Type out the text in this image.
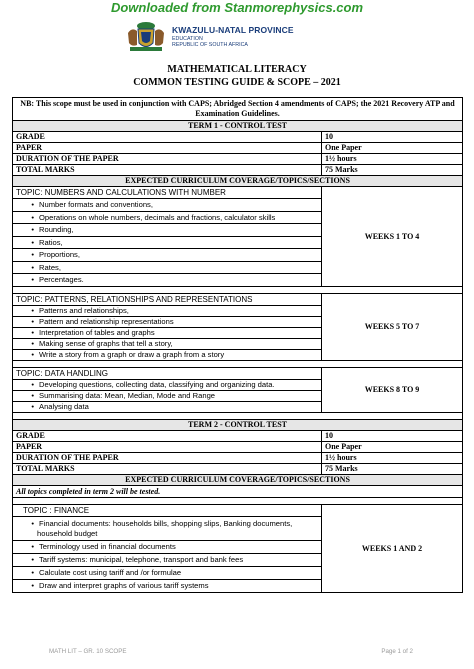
Downloaded from Stanmorephysics.com
KWAZULU-NATAL PROVINCE
EDUCATION
REPUBLIC OF SOUTH AFRICA
MATHEMATICAL LITERACY
COMMON TESTING GUIDE & SCOPE – 2021
NB: This scope must be used in conjunction with CAPS; Abridged Section 4 amendments of CAPS; the 2021 Recovery ATP and Examination Guidelines.	
TERM 1 - CONTROL TEST	
GRADE	10
PAPER	One Paper
DURATION OF THE PAPER	1½ hours
TOTAL MARKS	75 Marks
EXPECTED CURRICULUM COVERAGE/TOPICS/SECTIONS	
TOPIC: NUMBERS AND CALCULATIONS WITH NUMBER	WEEKS 1 TO 4
• Number formats and conventions,	
• Operations on whole numbers, decimals and fractions, calculator skills	
• Rounding,	
• Ratios,	
• Proportions,	
• Rates,	
• Percentages.	

TOPIC: PATTERNS, RELATIONSHIPS AND REPRESENTATIONS	WEEKS 5 TO 7
• Patterns and relationships,	
• Pattern and relationship representations	
• Interpretation of tables and graphs	
• Making sense of graphs that tell a story,	
• Write a story from a graph or draw a graph from a story	

TOPIC: DATA HANDLING	WEEKS 8 TO 9
• Developing questions, collecting data, classifying and organizing data.	
• Summarising data: Mean, Median, Mode and Range	
• Analysing data	

TERM 2 - CONTROL TEST	
GRADE	10
PAPER	One Paper
DURATION OF THE PAPER	1½ hours
TOTAL MARKS	75 Marks
EXPECTED CURRICULUM COVERAGE/TOPICS/SECTIONS	
All topics completed in term 2 will be tested.	

TOPIC : FINANCE	WEEKS 1 AND 2
• Financial documents: households bills, shopping slips, Banking documents, household budget	
• Terminology used in financial documents	
• Tariff systems: municipal, telephone, transport and bank fees	
• Calculate cost using tariff and /or formulae	
• Draw and interpret graphs of various tariff systems	
MATH LIT – GR. 10 SCOPE	Page 1 of 2
